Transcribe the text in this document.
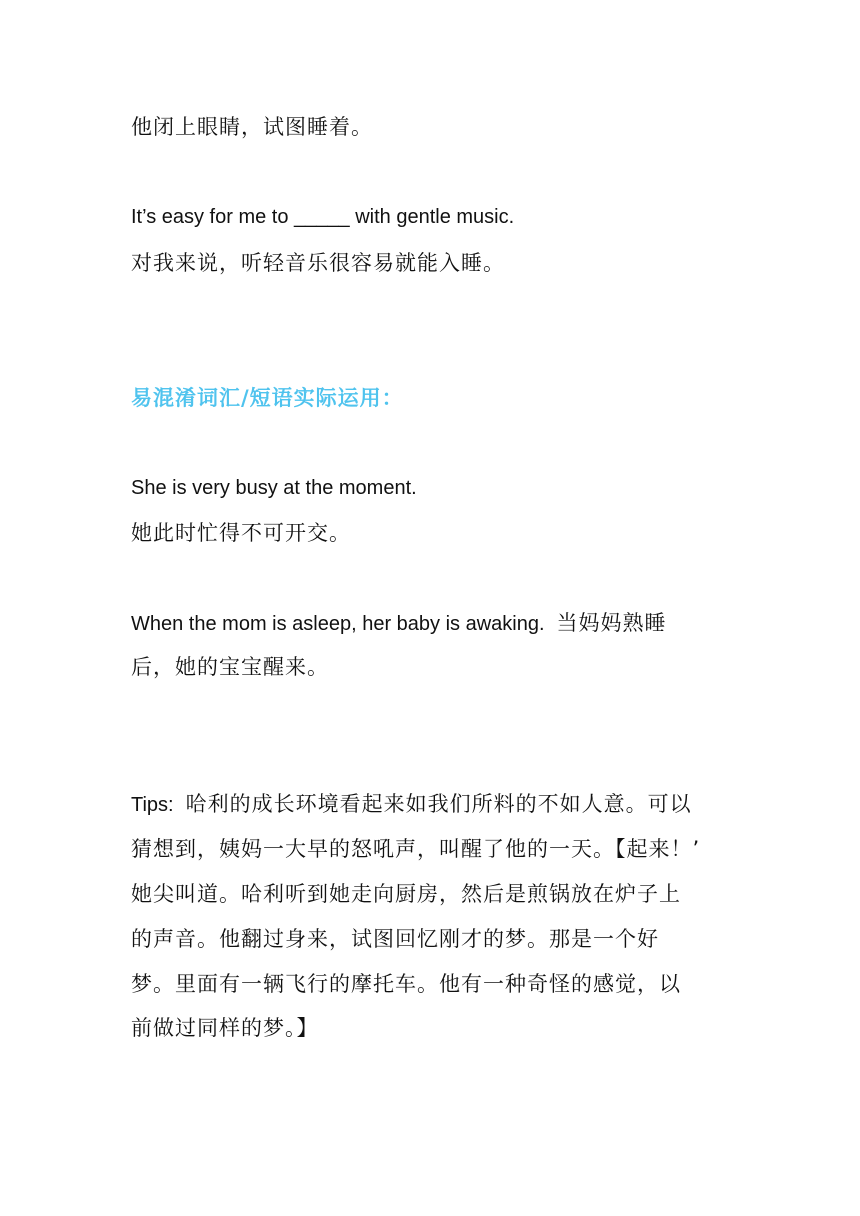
他闭上眼睛，试图睡着。
It’s easy for me to _____ with gentle music.
对我来说，听轻音乐很容易就能入睡。
易混淆词汇/短语实际运用：
She is very busy at the moment.
她此时忙得不可开交。
When the mom is asleep, her baby is awaking. 当妈妈熟睡
后，她的宝宝醒来。
Tips: 哈利的成长环境看起来如我们所料的不如人意。可以
猜想到，姨妈一大早的怒吼声，叫醒了他的一天。【起来！’
她尖叫道。哈利听到她走向厨房，然后是煎锅放在炉子上
的声音。他翻过身来，试图回忆刚才的梦。那是一个好
梦。里面有一辆飞行的摩托车。他有一种奇怪的感觉，以
前做过同样的梦。】
